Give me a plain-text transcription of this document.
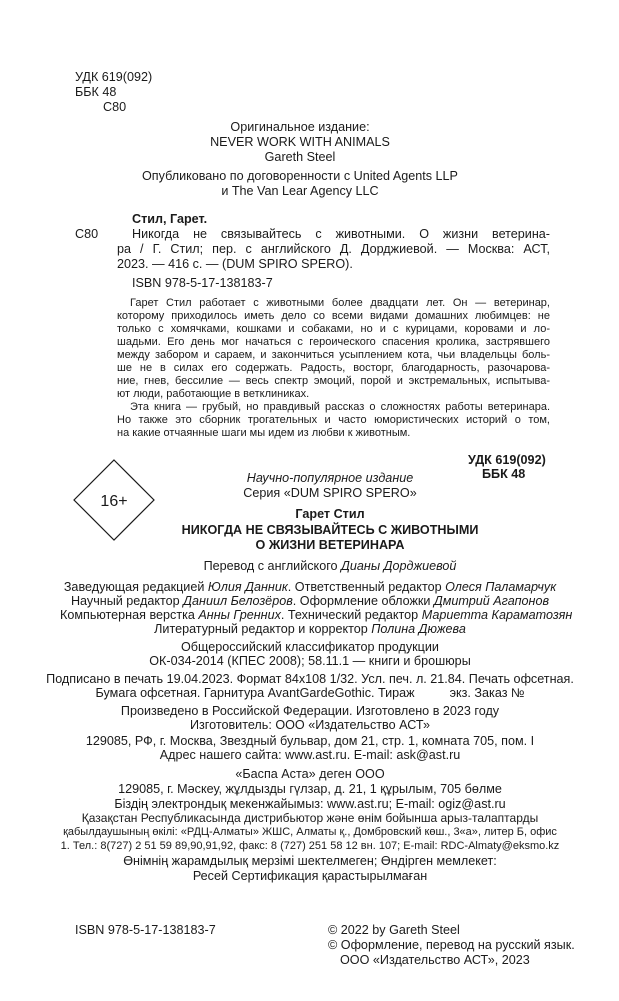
УДК 619(092)
ББК 48
С80
Оригинальное издание:
NEVER WORK WITH ANIMALS
Gareth Steel
Опубликовано по договоренности с United Agents LLP
и The Van Lear Agency LLC
Стил, Гарет.
С80	Никогда не связывайтесь с животными. О жизни ветерина-
ра / Г. Стил; пер. с английского Д. Дорджиевой. — Москва: АСТ,
2023. — 416 с. — (DUM SPIRO SPERO).
ISBN 978-5-17-138183-7
Гарет Стил работает с животными более двадцати лет. Он — ветеринар,
которому приходилось иметь дело со всеми видами домашних любимцев: не
только с хомячками, кошками и собаками, но и с курицами, коровами и ло-
шадьми. Его день мог начаться с героического спасения кролика, застрявшего
между забором и сараем, и закончиться усыплением кота, чьи владельцы боль-
ше не в силах его содержать. Радость, восторг, благодарность, разочарова-
ние, гнев, бессилие — весь спектр эмоций, порой и экстремальных, испытыва-
ют люди, работающие в ветклиниках.
Эта книга — грубый, но правдивый рассказ о сложностях работы ветеринара.
Но также это сборник трогательных и часто юмористических историй о том,
на какие отчаянные шаги мы идем из любви к животным.
УДК 619(092)
ББК 48
16+
Научно-популярное издание
Серия «DUM SPIRO SPERO»
Гарет Стил
НИКОГДА НЕ СВЯЗЫВАЙТЕСЬ С ЖИВОТНЫМИ
О ЖИЗНИ ВЕТЕРИНАРА
Перевод с английского Дианы Дорджиевой
Заведующая редакцией Юлия Данник. Ответственный редактор Олеся Паламарчук
Научный редактор Даниил Белозёров. Оформление обложки Дмитрий Агапонов
Компьютерная верстка Анны Гренних. Технический редактор Мариетта Караматозян
Литературный редактор и корректор Полина Дюжева
Общероссийский классификатор продукции
ОК-034-2014 (КПЕС 2008); 58.11.1 — книги и брошюры
Подписано в печать 19.04.2023. Формат 84x108 1/32. Усл. печ. л. 21.84. Печать офсетная.
Бумага офсетная. Гарнитура AvantGardeGothic. Тираж          экз. Заказ №
Произведено в Российской Федерации. Изготовлено в 2023 году
Изготовитель: ООО «Издательство АСТ»
129085, РФ, г. Москва, Звездный бульвар, дом 21, стр. 1, комната 705, пом. I
Адрес нашего сайта: www.ast.ru. E-mail: ask@ast.ru
«Баспа Аста» деген ООО
129085, г. Мәскеу, жұлдызды гүлзар, д. 21, 1 құрылым, 705 бөлме
Біздің электрондық мекенжайымыз: www.ast.ru; E-mail: ogiz@ast.ru
Қазақстан Республикасында дистрибьютор және өнім бойынша арыз-талаптарды
қабылдаушының өкілі: «РДЦ-Алматы» ЖШС, Алматы қ., Домбровский көш., 3«а», литер Б, офис
1. Тел.: 8(727) 2 51 59 89,90,91,92, факс: 8 (727) 251 58 12 вн. 107; E-mail: RDC-Almaty@eksmo.kz
Өнімнің жарамдылық мерзімі шектелмеген; Өндірген мемлекет:
Ресей Сертификация қарастырылмаған
ISBN 978-5-17-138183-7	© 2022 by Gareth Steel
© Оформление, перевод на русский язык.
ООО «Издательство АСТ», 2023
